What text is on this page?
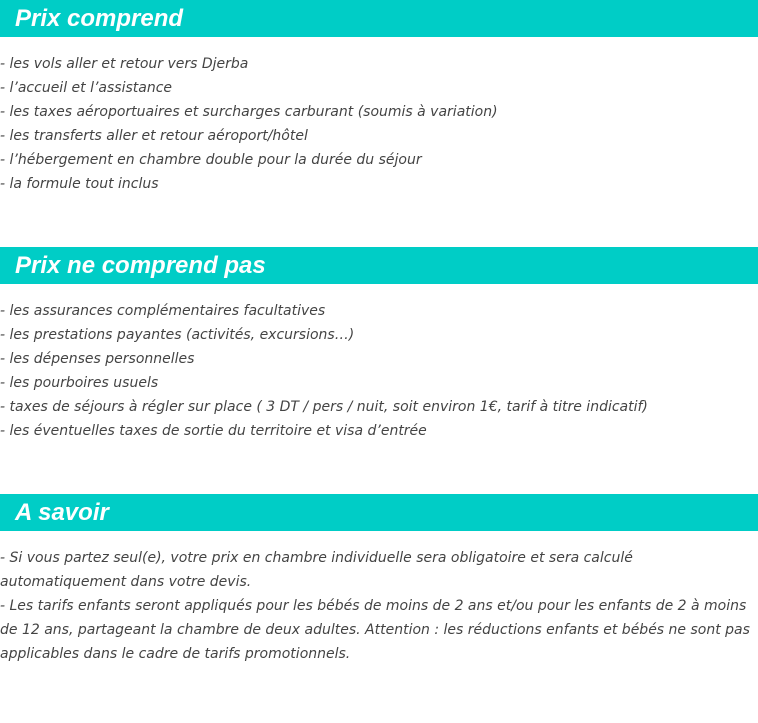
Prix comprend
- les vols aller et retour vers Djerba
- l’accueil et l’assistance
- les taxes aéroportuaires et surcharges carburant (soumis à variation)
- les transferts aller et retour aéroport/hôtel
- l’hébergement en chambre double pour la durée du séjour
- la formule tout inclus
Prix ne comprend pas
- les assurances complémentaires facultatives
- les prestations payantes (activités, excursions…)
- les dépenses personnelles
- les pourboires usuels
- taxes de séjours à régler sur place ( 3 DT / pers / nuit, soit environ 1€, tarif à titre indicatif)
- les éventuelles taxes de sortie du territoire et visa d’entrée
A savoir

- Si vous partez seul(e), votre prix en chambre individuelle sera obligatoire et sera calculé automatiquement dans votre devis.

- Les tarifs enfants seront appliqués pour les bébés de moins de 2 ans et/ou pour les enfants de 2 à moins de 12 ans, partageant la chambre de deux adultes. Attention : les réductions enfants et bébés ne sont pas applicables dans le cadre de tarifs promotionnels.
